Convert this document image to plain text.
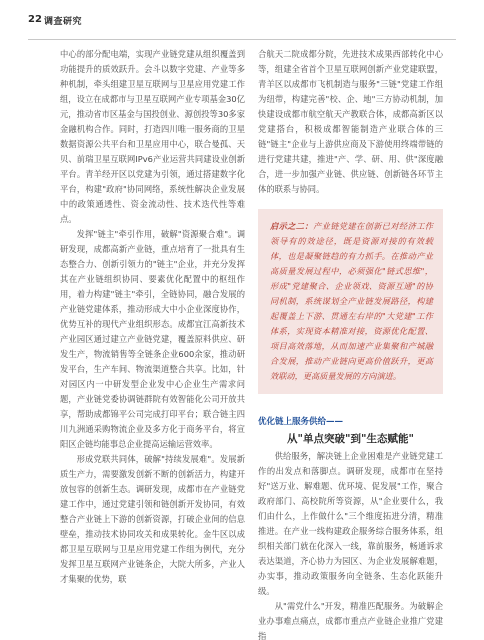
22 调查研究

中心的部分配电端，实现产业链党建从组织覆盖到功能提升的质效跃升。会斗以数字党建、产业等多种机制，牵头组建卫星互联网与卫星应用党建工作组，设立在成都市与卫星互联网产业专项基金30亿元，推动省市区基金与国投创业、源创投等30多家金融机构合作。同时，打造四川唯一服务商的卫星数据资源公共平台和卫星应用中心，联合曼孤、天贝、前瑞卫星互联网IPv6产业运营共同建设业创新平台。青羊经开区以党建为引领，通过搭建数字化平台，构建"政府"协同网络，系统性解决企业发展中的政策通透性、资金流动性、技术迭代性等难点。

发挥"链主"牵引作用，破解"资源聚合难"。调研发现，成都高新产业链，重点培育了一批具有生态整合力、创新引领力的"链主"企业，并充分发挥其在产业链组织协同、要素优化配置中的枢纽作用，着力构建"链主"牵引，全链协同，融合发展的产业链党建体系，推动形成大中小企业深度协作，优势互补的现代产业组织形态。成都宜江高新技术产业园区通过建立产业链党建，覆盖原料供应、研发生产，物流销售等全链条企业600余家，推动研发平台，生产车间、物流渠道整合共享。比如，针对园区内一中研发型企业发中心企业生产需求问题，产业链党委协调链群院有效智能化公司开放共享，帮助成都锦平公司完成打印平台；联合链主四川九洲通采购物流企业及多方化于商务平台，将宣阳区企链均能事总企业提高运输运营效率。

形成党联共同体，破解"持续发展难"。发展新质生产力，需要激发创新不断的创新活力，构建开放包容的创新生态。调研发现，成都市在产业链党建工作中，通过党建引领和链创新开发协同，有效整合产业链上下游的创新资源，打破企业间的信息壁垒，推动技术协同攻关和成果转化。金牛区以成都卫星互联网与卫星应用党建工作组为例代，充分发挥卫星互联网产业链条企，大院大所多，产业人才集聚的优势，联

合航天二院成都分院，先进技术成果西部转化中心等，组建全省首个卫星互联网创新产业党建联盟，青羊区以成都市飞机制造与服务"三链"党建工作组为纽带，构建完善"校、企、地"三方协动机制，加快建设成都市航空航天产教联合体，成都高新区以党建搭台，积极成都智能制造产业联合体的三链"链主"企业与上游供应商及下游使用终端带链的进行党建共建，推进"产、学、研、用、供"深度融合，进一步加强产业链、供应链、创新链各环节主体的联系与协同。

启示之二：产业链党建在创新已对经济工作领导有的效途径，既是资源对接的有效载体，也是凝聚链趋的有力抓手。在推动产业高质量发展过程中，必须强化"链式思维"，形成"党建聚合、企业领戏、资源互通"的协同机制，系统谋划全产业链发展路径，构建起覆盖上下游、贯通左右岸的"大党建"工作体系，实现资本精准对接，资源优化配置、项目高效落地，从而加速产业集聚和产城融合发展，推动产业链向更高价值跃升，更高效联动，更高质量发展的方向演进。
优化链上服务供给——
从"单点突破"到"生态赋能"

供给服务，解决链上企业困难是产业链党建工作的出发点和落脚点。调研发现，成都市在坚持好"送万业、解难题、优环境、促发展"工作，聚合政府部门、高校院所等资源，从"企业要什么，我们由什么，上作做什么"三个维度拓进分清，精准推进。在产业一线构建政企服务综合服务体系，组织相关部门就在化深入一线，靠前服务，畅通诉求表达渠道，齐心协力为园区、为企业发展解难题，办实事，推动政策服务向全链条、生态化跃能升级。

从"需党什么"开发，精准匹配服务。为破解企业办事难点痛点，成都市重点产业链企业推广党建指
